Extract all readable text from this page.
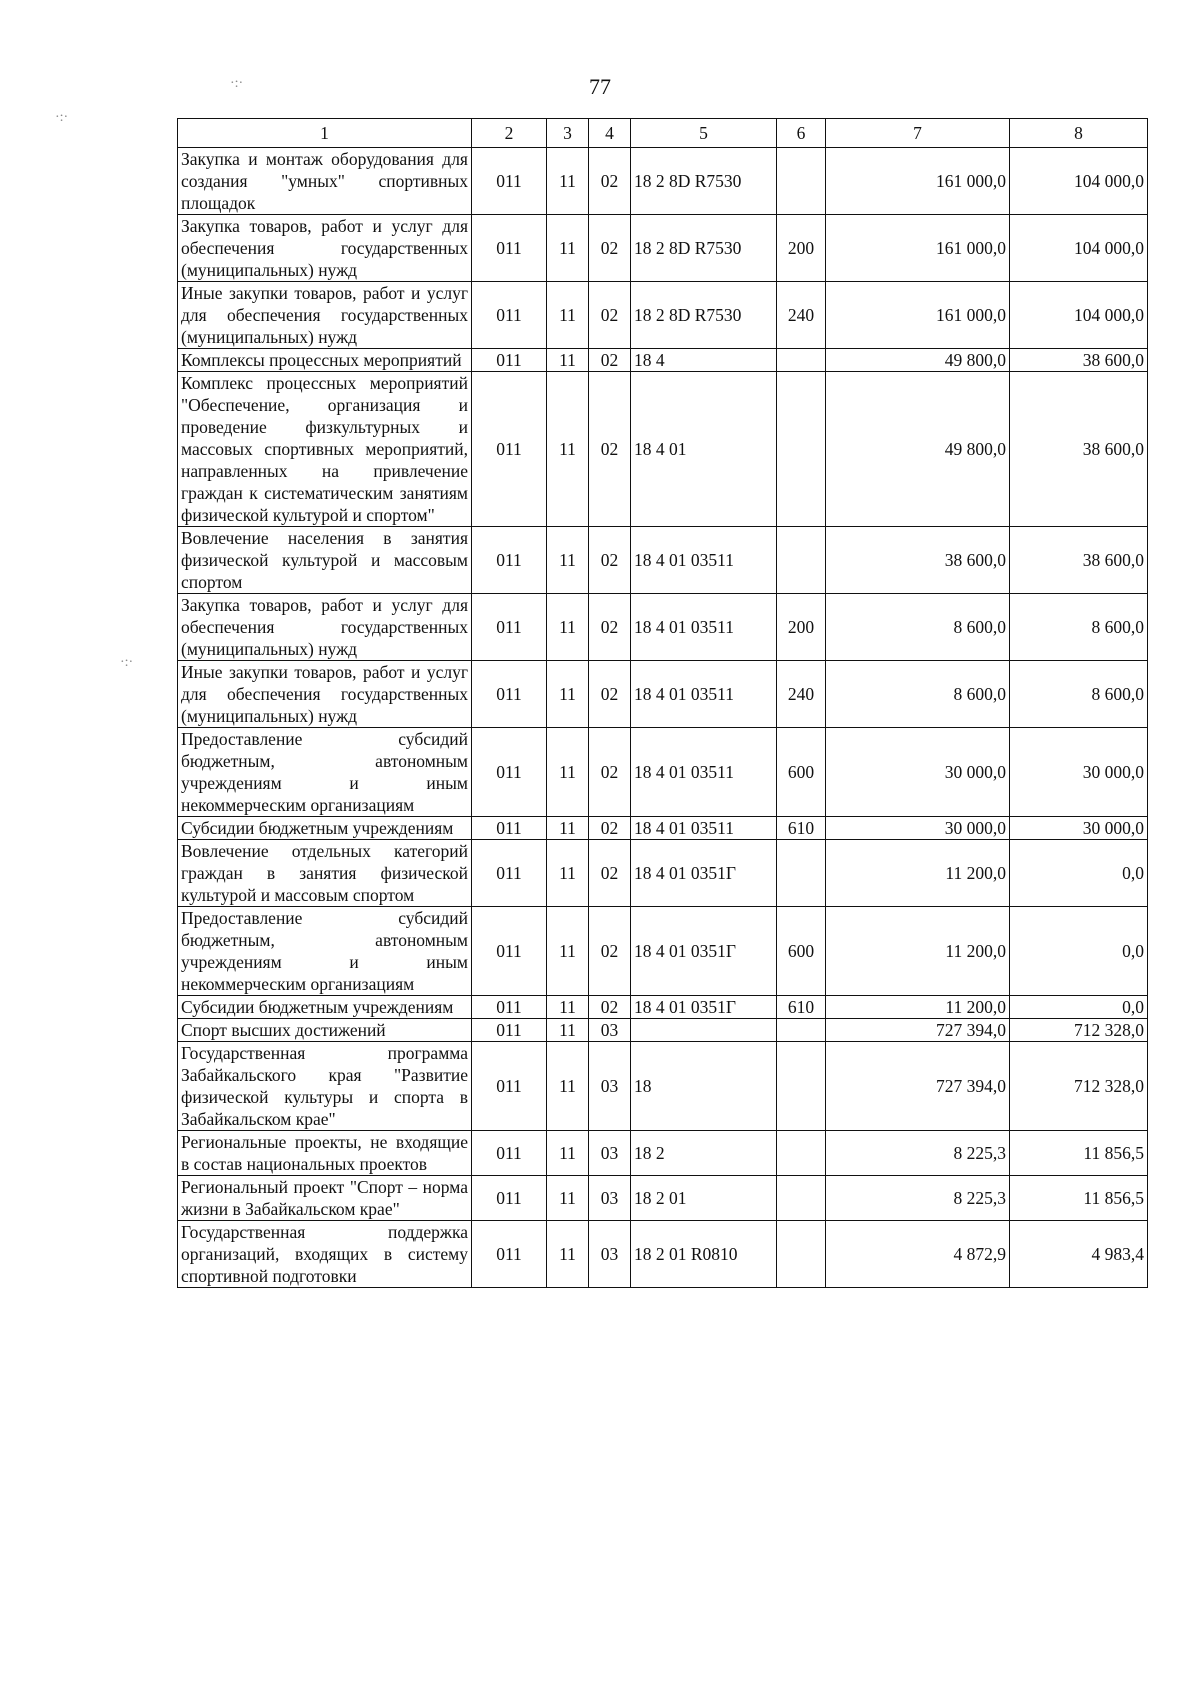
77
·:·
·:·
·:·
1	2	3	4	5	6	7	8
Закупка и монтаж оборудования для создания "умных" спортивных площадок	011	11	02	18 2 8D R7530		161 000,0	104 000,0
Закупка товаров, работ и услуг для обеспечения государственных (муниципальных) нужд	011	11	02	18 2 8D R7530	200	161 000,0	104 000,0
Иные закупки товаров, работ и услуг для обеспечения государственных (муниципальных) нужд	011	11	02	18 2 8D R7530	240	161 000,0	104 000,0
Комплексы процессных мероприятий	011	11	02	18 4		49 800,0	38 600,0
Комплекс процессных мероприятий "Обеспечение, организация и проведение физкультурных и массовых спортивных мероприятий, направленных на привлечение граждан к систематическим занятиям физической культурой и спортом"	011	11	02	18 4 01		49 800,0	38 600,0
Вовлечение населения в занятия физической культурой и массовым спортом	011	11	02	18 4 01 03511		38 600,0	38 600,0
Закупка товаров, работ и услуг для обеспечения государственных (муниципальных) нужд	011	11	02	18 4 01 03511	200	8 600,0	8 600,0
Иные закупки товаров, работ и услуг для обеспечения государственных (муниципальных) нужд	011	11	02	18 4 01 03511	240	8 600,0	8 600,0
Предоставление субсидий бюджетным, автономным учреждениям и иным некоммерческим организациям	011	11	02	18 4 01 03511	600	30 000,0	30 000,0
Субсидии бюджетным учреждениям	011	11	02	18 4 01 03511	610	30 000,0	30 000,0
Вовлечение отдельных категорий граждан в занятия физической культурой и массовым спортом	011	11	02	18 4 01 0351Г		11 200,0	0,0
Предоставление субсидий бюджетным, автономным учреждениям и иным некоммерческим организациям	011	11	02	18 4 01 0351Г	600	11 200,0	0,0
Субсидии бюджетным учреждениям	011	11	02	18 4 01 0351Г	610	11 200,0	0,0
Спорт высших достижений	011	11	03			727 394,0	712 328,0
Государственная программа Забайкальского края "Развитие физической культуры и спорта в Забайкальском крае"	011	11	03	18		727 394,0	712 328,0
Региональные проекты, не входящие в состав национальных проектов	011	11	03	18 2		8 225,3	11 856,5
Региональный проект "Спорт – норма жизни в Забайкальском крае"	011	11	03	18 2 01		8 225,3	11 856,5
Государственная поддержка организаций, входящих в систему спортивной подготовки	011	11	03	18 2 01 R0810		4 872,9	4 983,4
